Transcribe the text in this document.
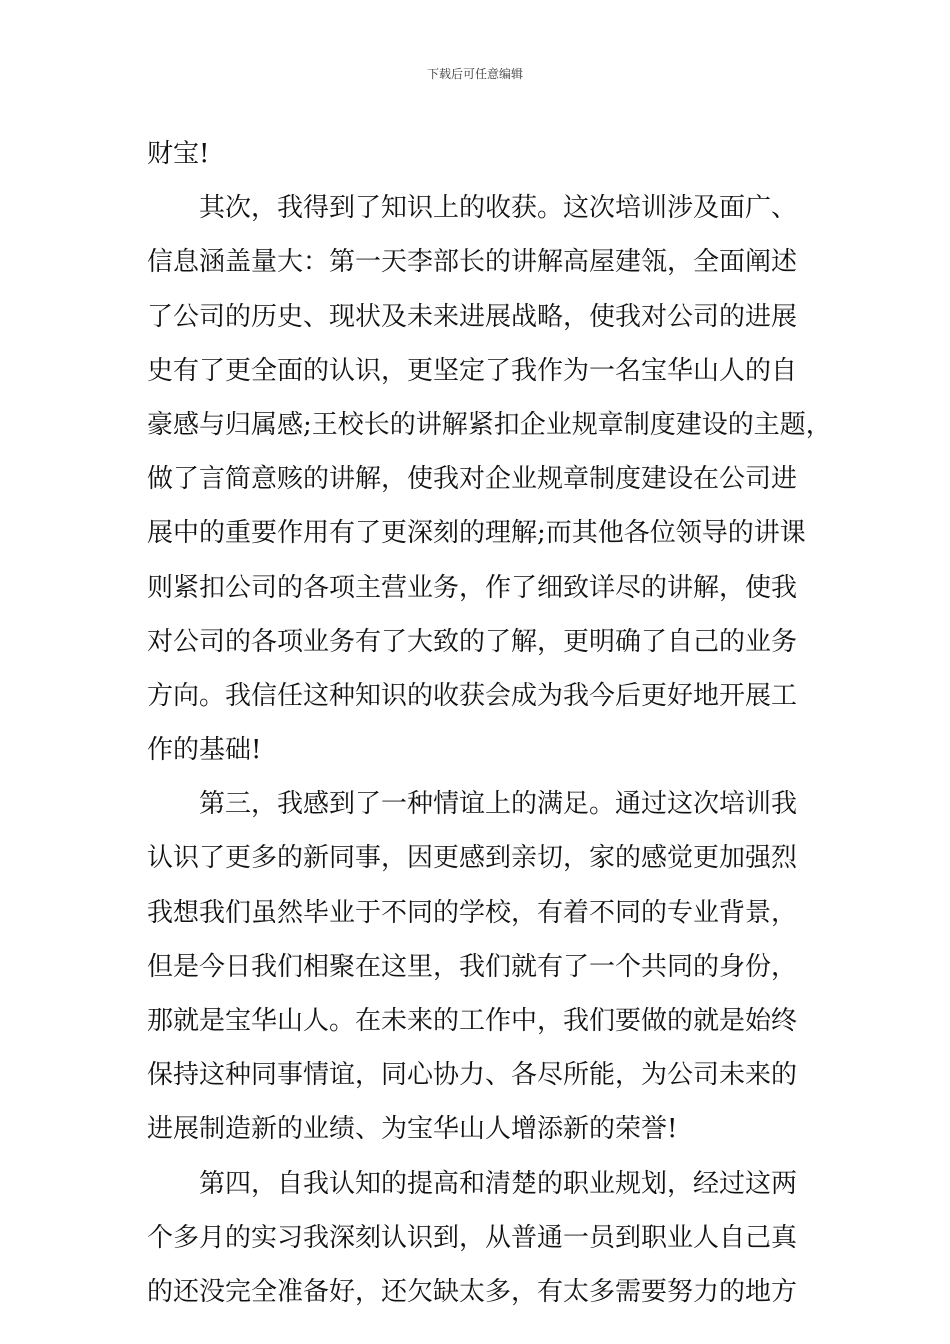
下载后可任意编辑
财宝!
其次，我得到了知识上的收获。这次培训涉及面广、
信息涵盖量大：第一天李部长的讲解高屋建瓴，全面阐述
了公司的历史、现状及未来进展战略，使我对公司的进展
史有了更全面的认识，更坚定了我作为一名宝华山人的自
豪感与归属感;王校长的讲解紧扣企业规章制度建设的主题，
做了言简意赅的讲解，使我对企业规章制度建设在公司进
展中的重要作用有了更深刻的理解;而其他各位领导的讲课
则紧扣公司的各项主营业务，作了细致详尽的讲解，使我
对公司的各项业务有了大致的了解，更明确了自己的业务
方向。我信任这种知识的收获会成为我今后更好地开展工
作的基础!
第三，我感到了一种情谊上的满足。通过这次培训我
认识了更多的新同事，因更感到亲切，家的感觉更加强烈
我想我们虽然毕业于不同的学校，有着不同的专业背景，
但是今日我们相聚在这里，我们就有了一个共同的身份，
那就是宝华山人。在未来的工作中，我们要做的就是始终
保持这种同事情谊，同心协力、各尽所能，为公司未来的
进展制造新的业绩、为宝华山人增添新的荣誉!
第四，自我认知的提高和清楚的职业规划，经过这两
个多月的实习我深刻认识到，从普通一员到职业人自己真
的还没完全准备好，还欠缺太多，有太多需要努力的地方
